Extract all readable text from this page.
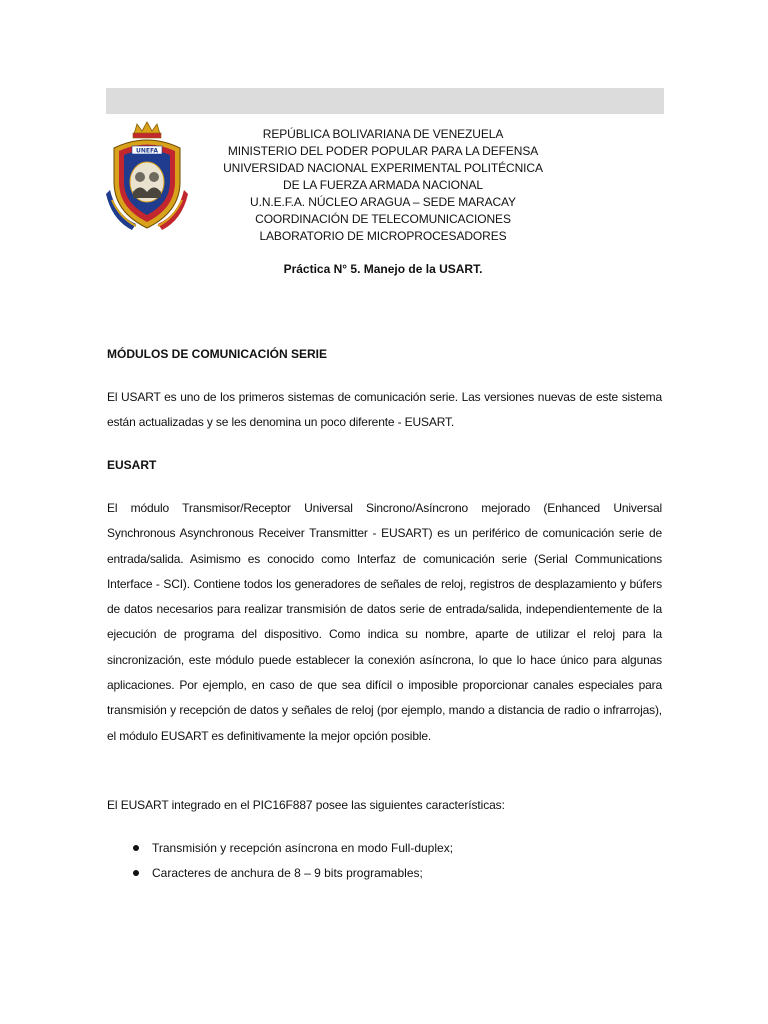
UNEFA
REPÚBLICA BOLIVARIANA DE VENEZUELA
MINISTERIO DEL PODER POPULAR PARA LA DEFENSA
UNIVERSIDAD NACIONAL EXPERIMENTAL POLITÉCNICA
DE LA FUERZA ARMADA NACIONAL
U.N.E.F.A. NÚCLEO ARAGUA – SEDE MARACAY
COORDINACIÓN DE TELECOMUNICACIONES
LABORATORIO DE MICROPROCESADORES
Práctica N° 5. Manejo de la USART.
MÓDULOS DE COMUNICACIÓN SERIE
El USART es uno de los primeros sistemas de comunicación serie. Las versiones nuevas de este sistema están actualizadas y se les denomina un poco diferente - EUSART.
EUSART
El módulo Transmisor/Receptor Universal Sincrono/Asíncrono mejorado (Enhanced Universal Synchronous Asynchronous Receiver Transmitter - EUSART) es un periférico de comunicación serie de entrada/salida. Asimismo es conocido como Interfaz de comunicación serie (Serial Communications Interface - SCI). Contiene todos los generadores de señales de reloj, registros de desplazamiento y búfers de datos necesarios para realizar transmisión de datos serie de entrada/salida, independientemente de la ejecución de programa del dispositivo. Como indica su nombre, aparte de utilizar el reloj para la sincronización, este módulo puede establecer la conexión asíncrona, lo que lo hace único para algunas aplicaciones. Por ejemplo, en caso de que sea difícil o imposible proporcionar canales especiales para transmisión y recepción de datos y señales de reloj (por ejemplo, mando a distancia de radio o infrarrojas), el módulo EUSART es definitivamente la mejor opción posible.
El EUSART integrado en el PIC16F887 posee las siguientes características:
Transmisión y recepción asíncrona en modo Full-duplex;
Caracteres de anchura de 8 – 9 bits programables;
